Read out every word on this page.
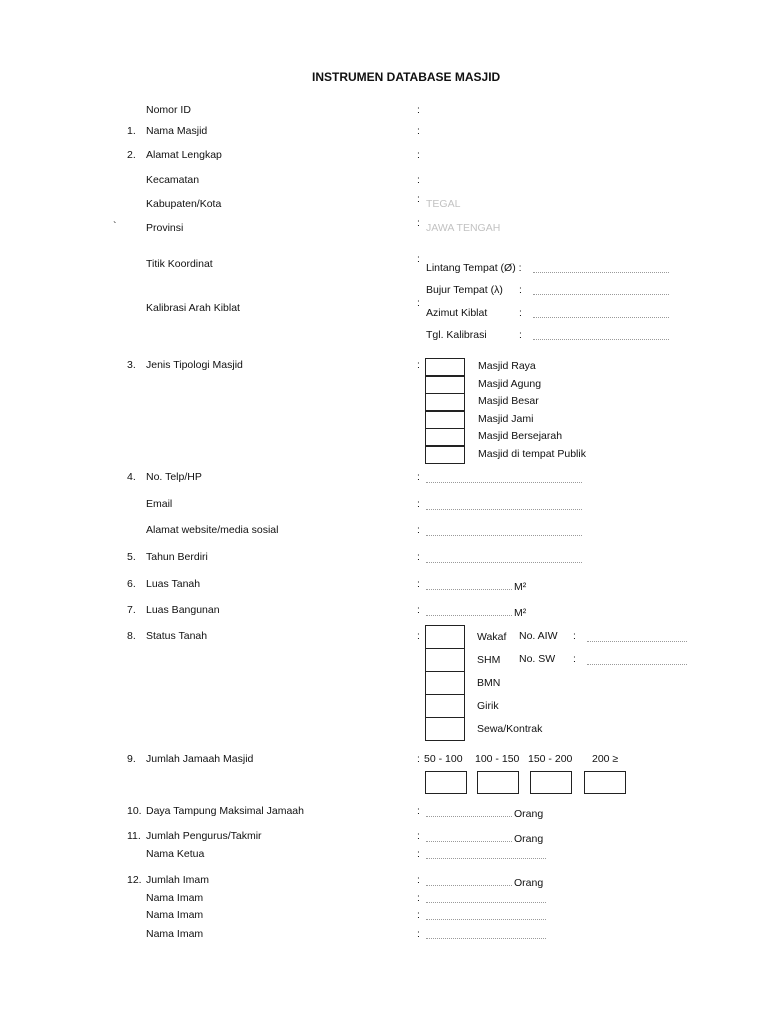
INSTRUMEN DATABASE MASJID
`
Nomor ID	:
1. Nama Masjid	:
2. Alamat Lengkap	:
Kecamatan	:
Kabupaten/Kota	: TEGAL
Provinsi	: JAWA TENGAH
Titik Koordinat	:
Kalibrasi Arah Kiblat	:
3. Jenis Tipologi Masjid	:
4. No. Telp/HP	:
Email	:
Alamat website/media sosial	:
5. Tahun Berdiri	:
6. Luas Tanah	:	M²
7. Luas Bangunan	:	M²
8. Status Tanah	:
9. Jumlah Jamaah Masjid	:
10. Daya Tampung Maksimal Jamaah	:	Orang
11. Jumlah Pengurus/Takmir	:	Orang
Nama Ketua	:
12. Jumlah Imam	:	Orang
Nama Imam	:
Nama Imam	:
Nama Imam	:
Lintang Tempat (Ø) :
Bujur Tempat (λ) :
Azimut Kiblat	:
Tgl. Kalibrasi	:
Masjid Raya
Masjid Agung
Masjid Besar
Masjid Jami
Masjid Bersejarah
Masjid di tempat Publik
Wakaf
SHM
BMN
Girik
Sewa/Kontrak
No. AIW :
No. SW :
50 - 100 100 - 150 150 - 200 200 ≥
